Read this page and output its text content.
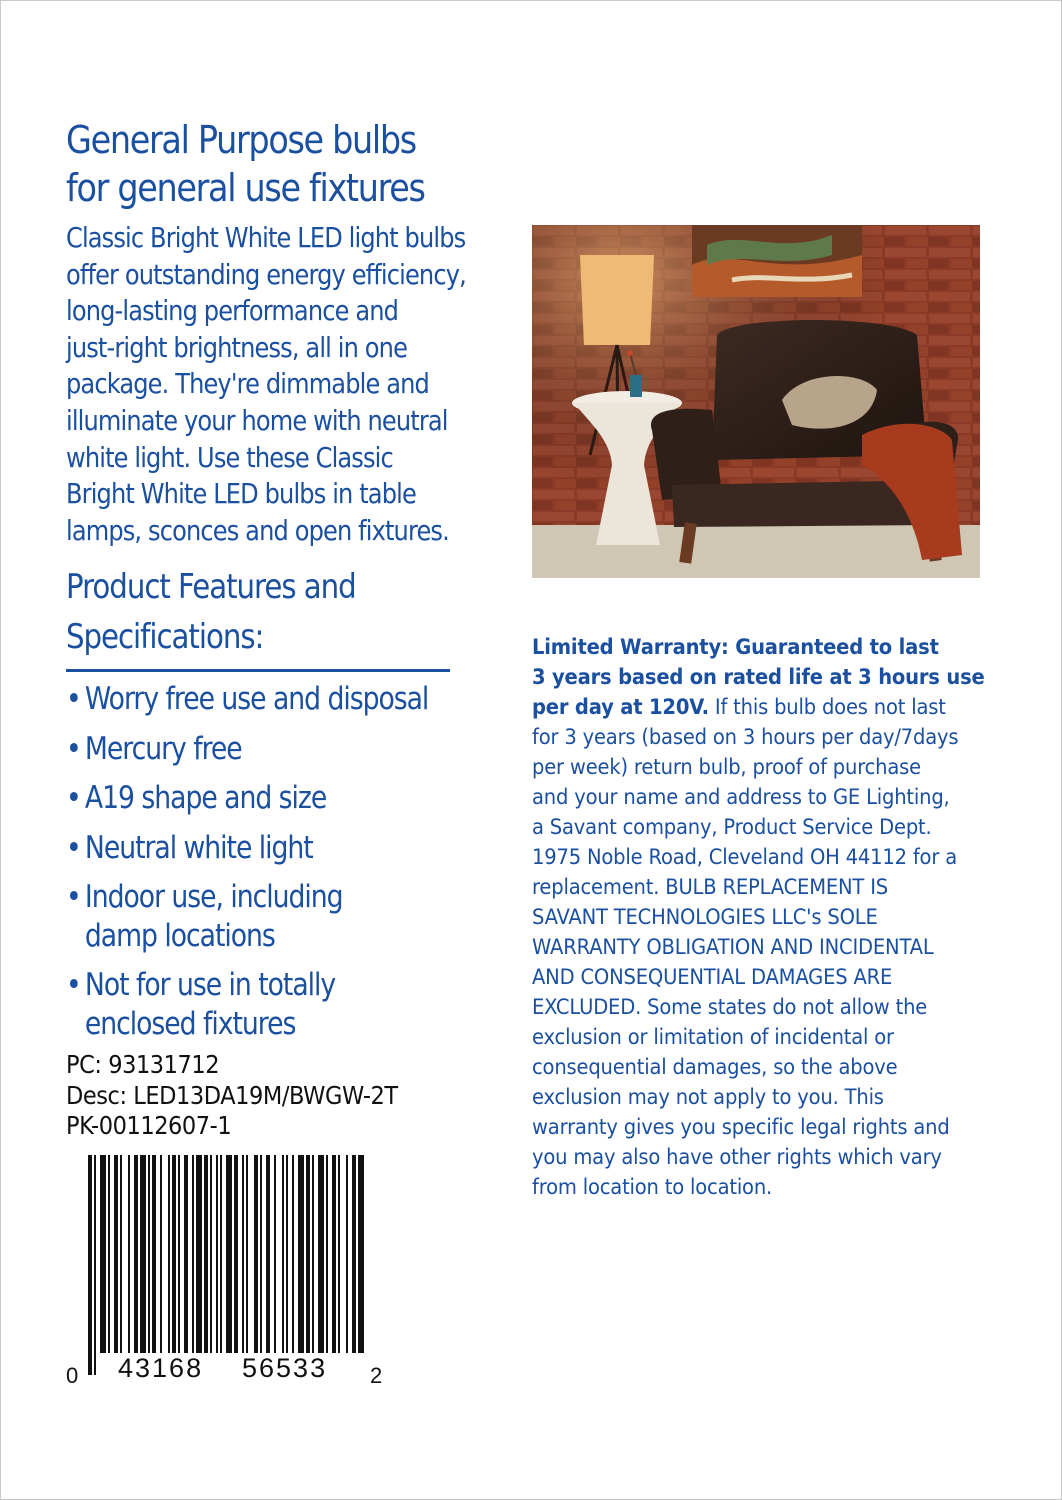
General Purpose bulbs
for general use fixtures
Classic Bright White LED light bulbs
offer outstanding energy efficiency,
long-lasting performance and
just-right brightness, all in one
package. They're dimmable and
illuminate your home with neutral
white light. Use these Classic
Bright White LED bulbs in table
lamps, sconces and open fixtures.
Product Features and
Specifications:
• Worry free use and disposal
• Mercury free
• A19 shape and size
• Neutral white light
• Indoor use, including
damp locations
• Not for use in totally
enclosed fixtures
PC: 93131712
Desc: LED13DA19M/BWGW-2T
PK-00112607-1
0 43168 56533 2
Limited Warranty: Guaranteed to last
3 years based on rated life at 3 hours use
per day at 120V. If this bulb does not last
for 3 years (based on 3 hours per day/7days
per week) return bulb, proof of purchase
and your name and address to GE Lighting,
a Savant company, Product Service Dept.
1975 Noble Road, Cleveland OH 44112 for a
replacement. BULB REPLACEMENT IS
SAVANT TECHNOLOGIES LLC's SOLE
WARRANTY OBLIGATION AND INCIDENTAL
AND CONSEQUENTIAL DAMAGES ARE
EXCLUDED. Some states do not allow the
exclusion or limitation of incidental or
consequential damages, so the above
exclusion may not apply to you. This
warranty gives you specific legal rights and
you may also have other rights which vary
from location to location.
